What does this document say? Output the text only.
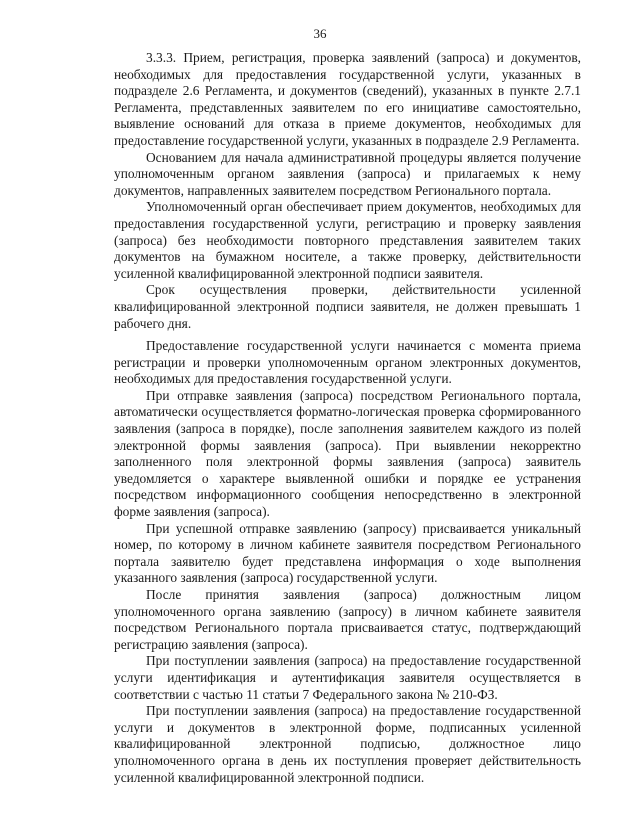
36

3.3.3. Прием, регистрация, проверка заявлений (запроса) и документов, необходимых для предоставления государственной услуги, указанных в подразделе 2.6 Регламента, и документов (сведений), указанных в пункте 2.7.1 Регламента, представленных заявителем по его инициативе самостоятельно, выявление оснований для отказа в приеме документов, необходимых для предоставление государственной услуги, указанных в подразделе 2.9 Регламента.

Основанием для начала административной процедуры является получение уполномоченным органом заявления (запроса) и прилагаемых к нему документов, направленных заявителем посредством Регионального портала.

Уполномоченный орган обеспечивает прием документов, необходимых для предоставления государственной услуги, регистрацию и проверку заявления (запроса) без необходимости повторного представления заявителем таких документов на бумажном носителе, а также проверку, действительности усиленной квалифицированной электронной подписи заявителя.

Срок осуществления проверки, действительности усиленной квалифицированной электронной подписи заявителя, не должен превышать 1 рабочего дня.

Предоставление государственной услуги начинается с момента приема регистрации и проверки уполномоченным органом электронных документов, необходимых для предоставления государственной услуги.

При отправке заявления (запроса) посредством Регионального портала, автоматически осуществляется форматно-логическая проверка сформированного заявления (запроса в порядке), после заполнения заявителем каждого из полей электронной формы заявления (запроса). При выявлении некорректно заполненного поля электронной формы заявления (запроса) заявитель уведомляется о характере выявленной ошибки и порядке ее устранения посредством информационного сообщения непосредственно в электронной форме заявления (запроса).

При успешной отправке заявлению (запросу) присваивается уникальный номер, по которому в личном кабинете заявителя посредством Регионального портала заявителю будет представлена информация о ходе выполнения указанного заявления (запроса) государственной услуги.

После принятия заявления (запроса) должностным лицом уполномоченного органа заявлению (запросу) в личном кабинете заявителя посредством Регионального портала присваивается статус, подтверждающий регистрацию заявления (запроса).

При поступлении заявления (запроса) на предоставление государственной услуги идентификация и аутентификация заявителя осуществляется в соответствии с частью 11 статьи 7 Федерального закона № 210-ФЗ.

При поступлении заявления (запроса) на предоставление государственной услуги и документов в электронной форме, подписанных усиленной квалифицированной электронной подписью, должностное лицо уполномоченного органа в день их поступления проверяет действительность усиленной квалифицированной электронной подписи.
